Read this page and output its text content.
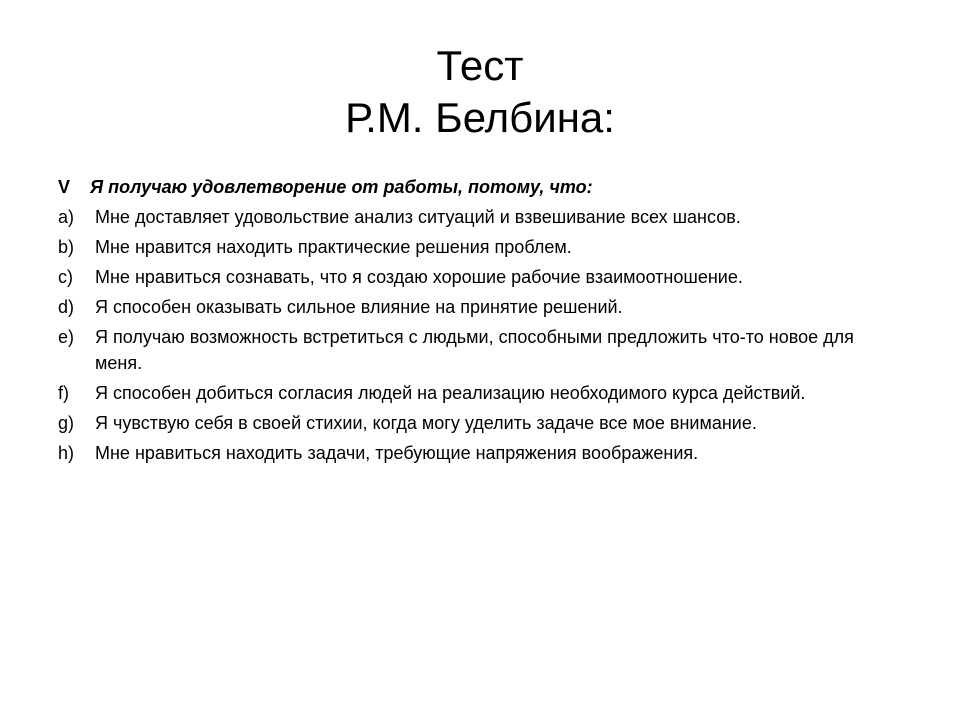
Тест
Р.М. Белбина:
V	Я получаю удовлетворение от работы, потому, что:
a)	Мне доставляет удовольствие анализ ситуаций и взвешивание всех шансов.
b)	Мне нравится находить практические решения проблем.
c)	Мне нравиться сознавать, что я создаю хорошие рабочие взаимоотношение.
d)	Я способен оказывать сильное влияние на принятие решений.
e)	Я получаю возможность встретиться с людьми, способными предложить что-то новое для меня.
f)	Я способен добиться согласия людей на реализацию необходимого курса действий.
g)	Я чувствую себя в своей стихии, когда могу уделить задаче все мое внимание.
h)	Мне нравиться находить задачи, требующие напряжения воображения.
